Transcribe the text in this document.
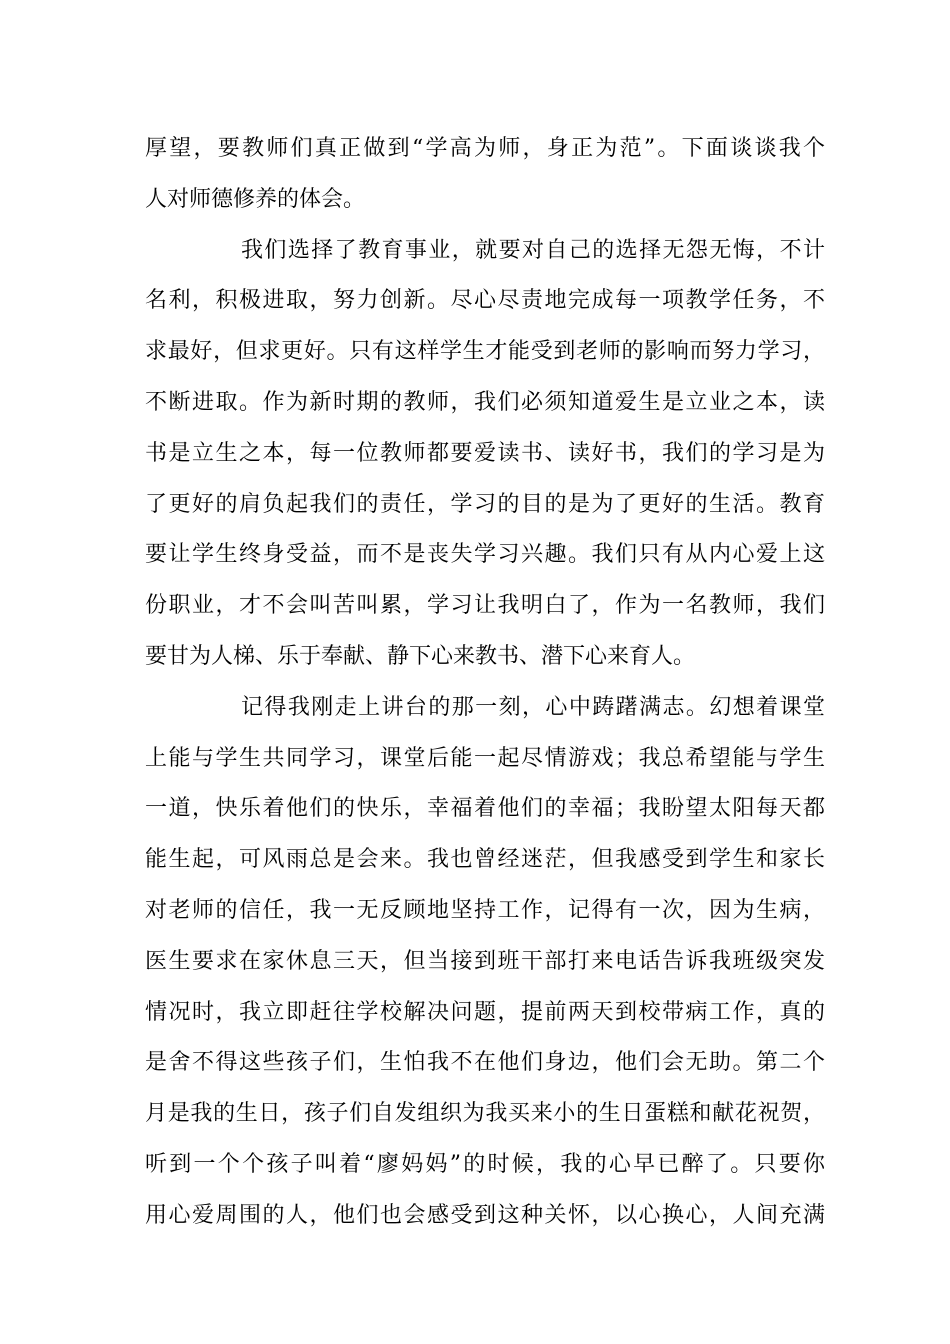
厚望，要教师们真正做到“学高为师，身正为范”。下面谈谈我个
人对师德修养的体会。
我们选择了教育事业，就要对自己的选择无怨无悔，不计
名利，积极进取，努力创新。尽心尽责地完成每一项教学任务，不
求最好，但求更好。只有这样学生才能受到老师的影响而努力学习，
不断进取。作为新时期的教师，我们必须知道爱生是立业之本，读
书是立生之本，每一位教师都要爱读书、读好书，我们的学习是为
了更好的肩负起我们的责任，学习的目的是为了更好的生活。教育
要让学生终身受益，而不是丧失学习兴趣。我们只有从内心爱上这
份职业，才不会叫苦叫累，学习让我明白了，作为一名教师，我们
要甘为人梯、乐于奉献、静下心来教书、潜下心来育人。
记得我刚走上讲台的那一刻，心中踌躇满志。幻想着课堂
上能与学生共同学习，课堂后能一起尽情游戏；我总希望能与学生
一道，快乐着他们的快乐，幸福着他们的幸福；我盼望太阳每天都
能生起，可风雨总是会来。我也曾经迷茫，但我感受到学生和家长
对老师的信任，我一无反顾地坚持工作，记得有一次，因为生病，
医生要求在家休息三天，但当接到班干部打来电话告诉我班级突发
情况时，我立即赶往学校解决问题，提前两天到校带病工作，真的
是舍不得这些孩子们，生怕我不在他们身边，他们会无助。第二个
月是我的生日，孩子们自发组织为我买来小的生日蛋糕和献花祝贺，
听到一个个孩子叫着“廖妈妈”的时候，我的心早已醉了。只要你
用心爱周围的人，他们也会感受到这种关怀，以心换心，人间充满
